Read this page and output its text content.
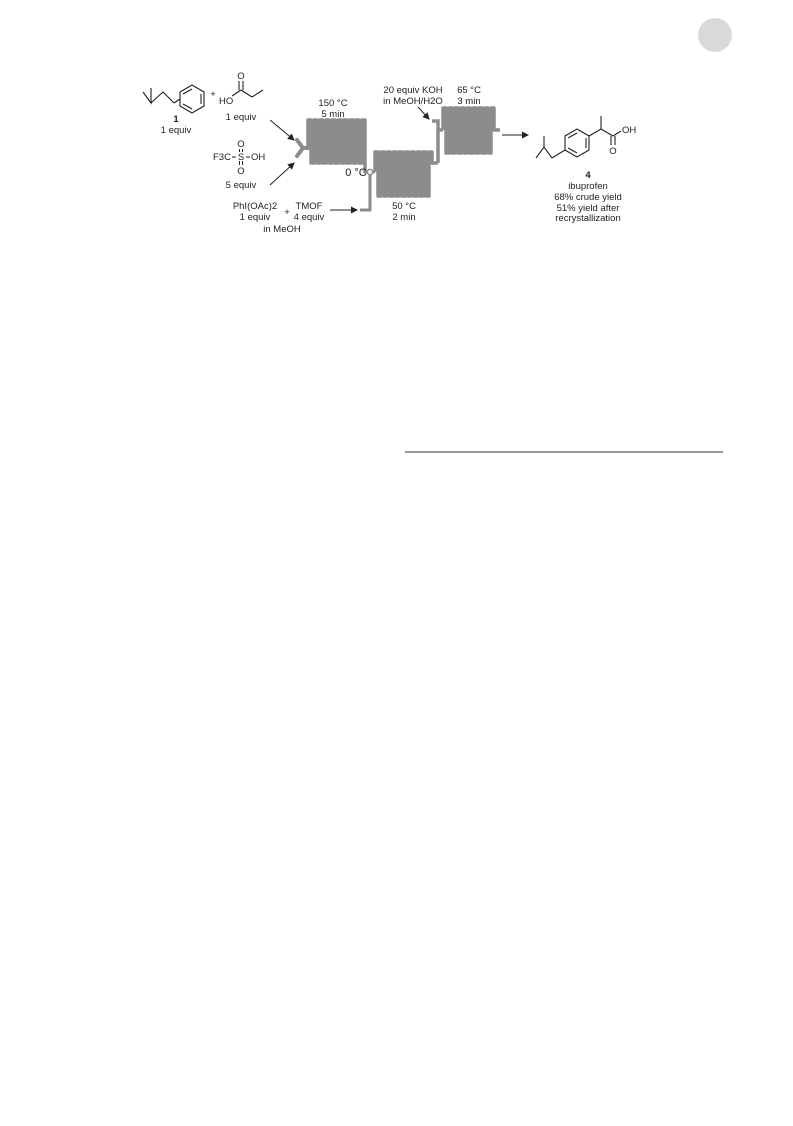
1
1 equiv
+
O
HO
1 equiv
O
F3C S OH
O
5 equiv
150 °C
5 min
0 °C
50 °C
2 min
20 equiv KOH
in MeOH/H2O
65 °C
3 min
PhI(OAc)2
1 equiv +
TMOF
4 equiv
in MeOH
OH
O
4
ibuprofen
68% crude yield
51% yield after
recrystallization
